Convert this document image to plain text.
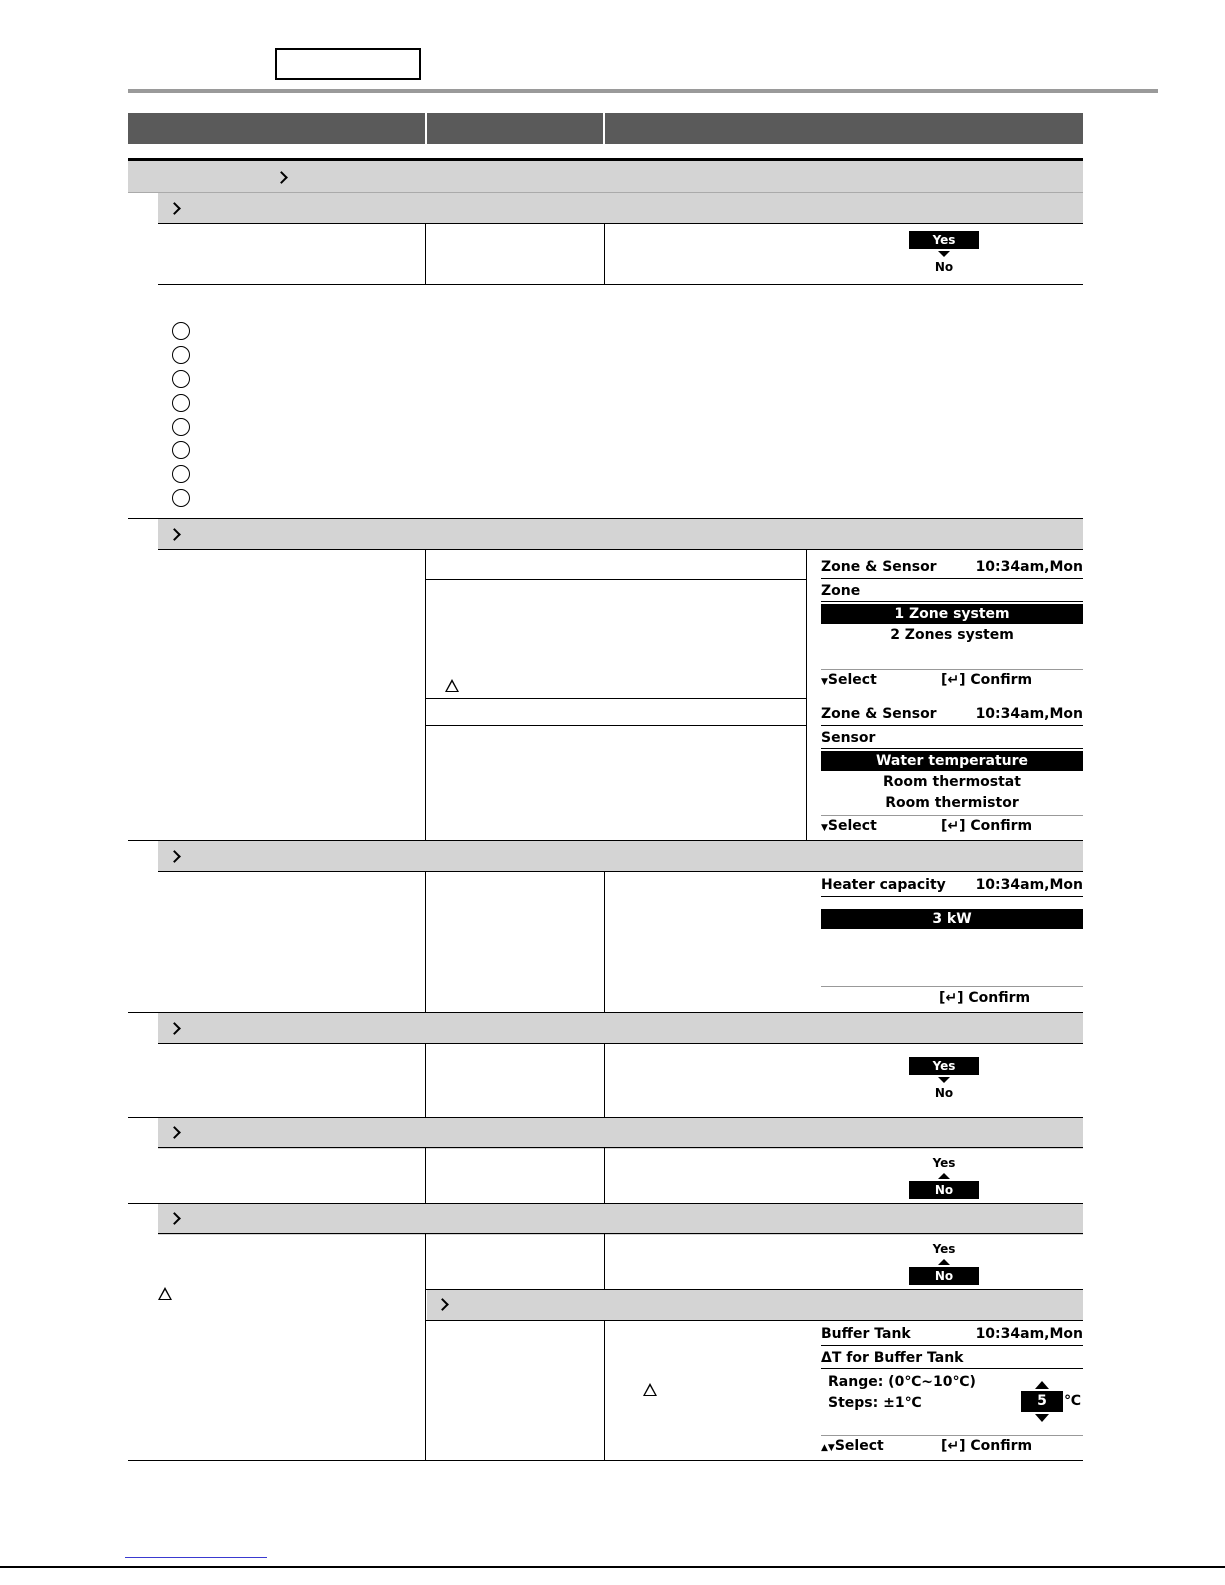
Yes
No
Zone & Sensor	10:34am,Mon
Zone
1 Zone system
2 Zones system
▼Select	[↵] Confirm
Zone & Sensor	10:34am,Mon
Sensor
Water temperature
Room thermostat
Room thermistor
▼Select	[↵] Confirm
Heater capacity 10:34am,Mon
3 kW
[↵] Confirm
Yes
No
Yes
No
Yes
No
Buffer Tank	10:34am,Mon
ΔT for Buffer Tank
Range: (0℃~10℃)
Steps: ±1℃	5	℃
▲▼Select	[↵] Confirm
